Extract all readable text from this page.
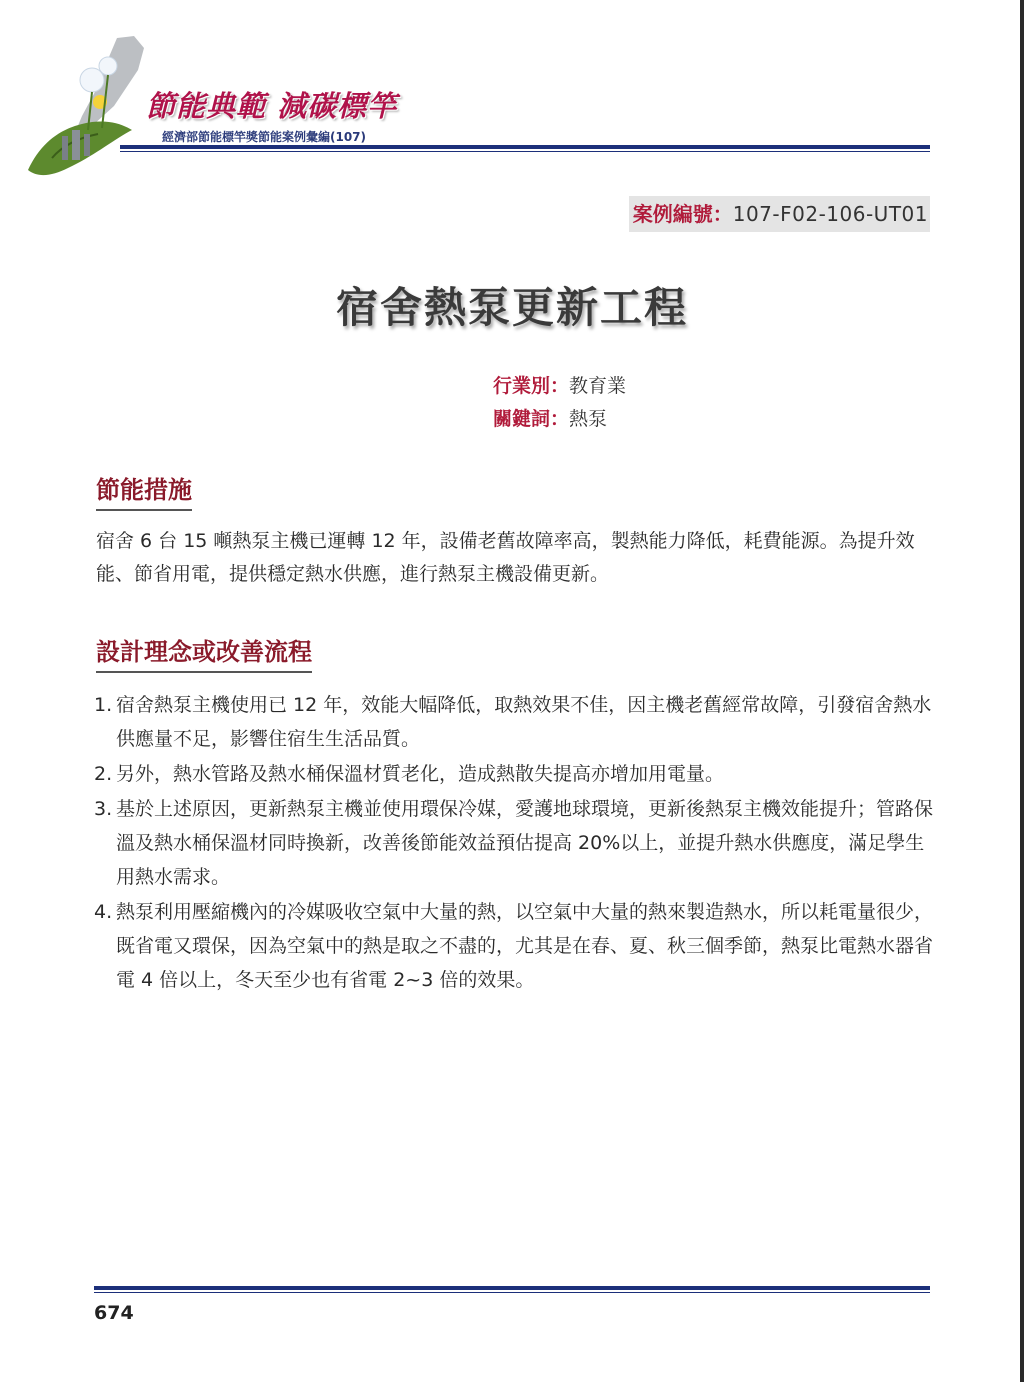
節能典範 減碳標竿
經濟部節能標竿獎節能案例彙編(107)
案例編號：107-F02-106-UT01
宿舍熱泵更新工程
行業別：教育業
關鍵詞：熱泵
節能措施
宿舍 6 台 15 噸熱泵主機已運轉 12 年，設備老舊故障率高，製熱能力降低，耗費能源。為提升效能、節省用電，提供穩定熱水供應，進行熱泵主機設備更新。
設計理念或改善流程
1. 宿舍熱泵主機使用已 12 年，效能大幅降低，取熱效果不佳，因主機老舊經常故障，引發宿舍熱水供應量不足，影響住宿生生活品質。
2. 另外，熱水管路及熱水桶保溫材質老化，造成熱散失提高亦增加用電量。
3. 基於上述原因，更新熱泵主機並使用環保冷媒，愛護地球環境，更新後熱泵主機效能提升；管路保溫及熱水桶保溫材同時換新，改善後節能效益預估提高 20%以上，並提升熱水供應度，滿足學生用熱水需求。
4. 熱泵利用壓縮機內的冷媒吸收空氣中大量的熱，以空氣中大量的熱來製造熱水，所以耗電量很少，既省電又環保，因為空氣中的熱是取之不盡的，尤其是在春、夏、秋三個季節，熱泵比電熱水器省電 4 倍以上，冬天至少也有省電 2~3 倍的效果。
674
